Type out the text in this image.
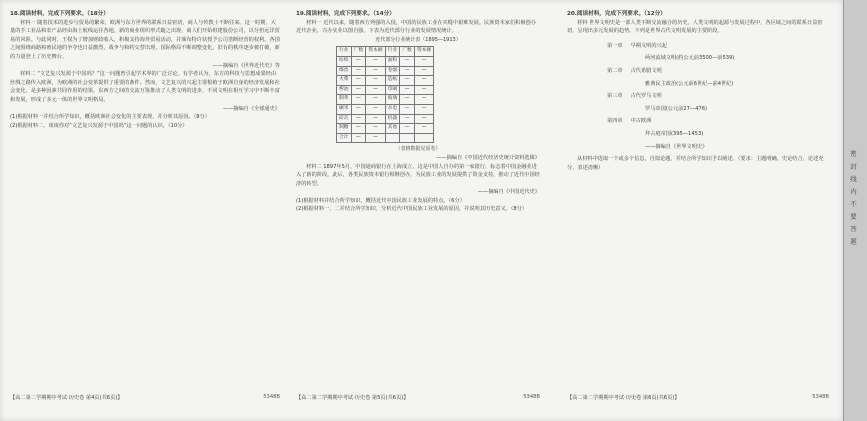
18.阅读材料，完成下列要求。（18分）

材料一 随着技术的进步与贸易的繁荣，欧洲与东方世界的联系日益密切，商人与传教士不断往来。这一时期，大量的手工业品和农产品经由海上航线运往各地，新的商业组织形式随之出现，商人们开始组建股份公司，以分担远洋贸易的风险。与此同时，王权为了增加财政收入，积极支持海外贸易活动，并颁布特许状授予公司垄断经营的权利。各国之间围绕商路和殖民地的争夺也日益激烈，战争与和约交替出现，国际格局不断调整变化，旧有的秩序逐步被打破，新的力量登上了历史舞台。

——摘编自《世界近代史》等

材料二 “文艺复兴发源于中国吗？”这一问题曾引起学术界的广泛讨论。有学者认为，东方的科技与思想成果经由丝绸之路传入欧洲，为欧洲的社会变革提供了重要的条件。然而，文艺复兴的兴起主要根植于欧洲自身的经济发展和社会变化，是多种因素共同作用的结果。东西方之间的交流互鉴推动了人类文明的进步，不同文明在相互学习中不断丰富和发展，形成了多元一体的世界文明格局。

——摘编自《全球通史》

(1)根据材料一并结合所学知识，概括欧洲社会变化的主要表现，并分析其原因。（8分）

(2)根据材料二，谈谈你对“文艺复兴发源于中国吗”这一问题的认识。（10分）

19.阅读材料，完成下列要求。（14分）

材料一 近代以来，随着西方列强的入侵，中国的民族工业在夹缝中艰难发展。民族资本家们积极创办近代企业，兴办实业以图自强。下表为近代部分行业的发展情况统计。

近代部分行业统计表（1895—1913）

行业	厂数	资本额	行业	厂数	资本额
纺织	—	—	面粉	—	—
缫丝	—	—	卷烟	—	—
火柴	—	—	造纸	—	—
榨油	—	—	印刷	—	—
制革	—	—	玻璃	—	—
碾米	—	—	水电	—	—
砖瓦	—	—	机器	—	—
制糖	—	—	其他	—	—
合计	—	—			

（表格数据见原卷）

——摘编自《中国近代经济史统计资料选辑》

材料二 1897年5月，中国通商银行在上海成立，这是中国人自办的第一家银行，标志着中国金融业进入了新的阶段。此后，各类民族资本银行相继创办，为民族工业的发展提供了资金支持，推动了近代中国经济的转型。

——摘编自《中国近代史》

(1)根据材料并结合所学知识，概括近代中国民族工业发展的特点。（6分）

(2)根据材料一、二并结合所学知识，分析近代中国民族工业发展的原因，并说明其历史意义。（8分）

20.阅读材料，完成下列要求。（12分）

材料 世界文明史是一部人类不断交流融合的历史。人类文明的起源与发展过程中，各区域之间的联系日益密切，呈现出多元发展的趋势。下列是世界古代文明发展的主要阶段。

第一章 早期文明的兴起
两河流域文明(约公元前3500—前539)
第二章 古代希腊文明
雅典民主政治(公元前6世纪—前4世纪)
第三章 古代罗马文明
罗马帝国(公元前27—476)
第四章 中古欧洲
拜占庭帝国(395—1453)
——摘编自《世界文明史》

从材料中选取一个或多个信息，自拟论题，并结合所学知识予以阐述。（要求：主题明确，史论结合，论述充分，表述清晰）

【高二第二学期期中考试·历史卷 第4页(共6页)】	5348B	【高二第二学期期中考试·历史卷 第5页(共6页)】	5348B	【高二第二学期期中考试·历史卷 第6页(共6页)】	5348B
密 封 线 内 不 要 答 题
